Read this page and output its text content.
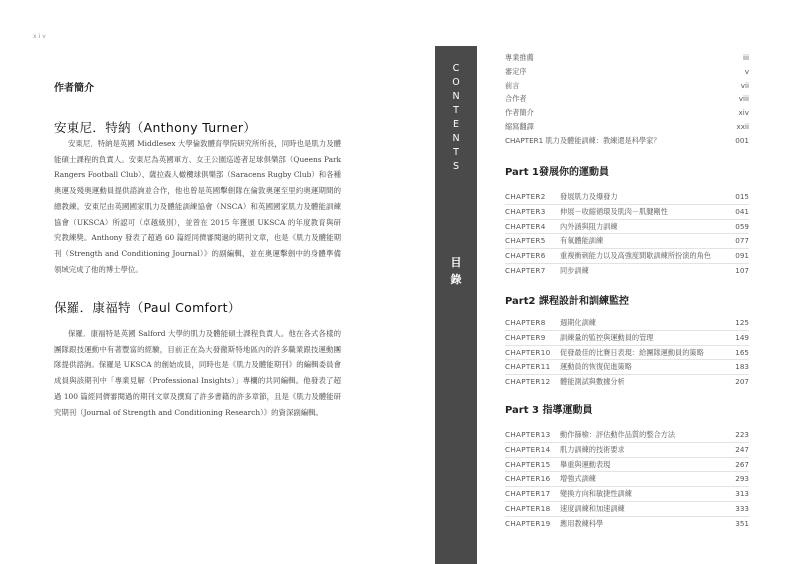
xiv
作者簡介
安東尼．特納（Anthony Turner）

安東尼．特納是英國 Middlesex 大學倫敦體育學院研究所所長，同時也是肌力及體能碩士課程的負責人。安東尼為英國軍方、女王公園巡遊者足球俱樂部（Queens Park Rangers Football Club）、薩拉森人橄欖球俱樂部（Saracens Rugby Club）和各種奧運及殘奧運動員提供諮詢並合作，他也曾是英國擊劍隊在倫敦奧運至里約奧運期間的總教練。安東尼由英國國家肌力及體能訓練協會（NSCA）和英國國家肌力及體能訓練協會（UKSCA）所認可（卓越級別），並曾在 2015 年獲頒 UKSCA 的年度教育與研究教練獎。Anthony 發表了超過 60 篇經同儕審閱過的期刊文章，也是《肌力及體能期刊（Strength and Conditioning Journal）》的副編輯，並在奧運擊劍中的身體準備領域完成了他的博士學位。

保羅．康福特（Paul Comfort）

保羅．康福特是英國 Salford 大學的肌力及體能碩士課程負責人。他在各式各樣的團隊跟技運動中有著豐富的經驗，目前正在為大發徹斯特地區內的許多職業跟技運動團隊提供諮詢。保羅是 UKSCA 的創始成員，同時也是《肌力及體能期刊》的編輯委員會成員與該期刊中「專業見解（Professional Insights）」專欄的共同編輯。他發表了超過 100 篇經同儕審閱過的期刊文章及撰寫了許多書籍的許多章節，且是《肌力及體能研究期刊（Journal of Strength and Conditioning Research）》的資深副編輯。

C
O
N
T
E
N
T
S
目
錄
專業推薦	iii
審定序	v
前言	vii
合作者	viii
作者簡介	xiv
縮寫翻譯	xxii
CHAPTER1 肌力及體能訓練：教練還是科學家？	001
Part 1發展你的運動員
CHAPTER2 發展肌力及爆發力	015
CHAPTER3 伸展－收縮循環及肌肉－肌腱剛性	041
CHAPTER4 內外涵與阻力訓練	059
CHAPTER5 有氧體能訓練	077
CHAPTER6 重複衝刺能力以及高強度間歇訓練所扮演的角色	091
CHAPTER7 同步訓練	107
Part2 課程設計和訓練監控
CHAPTER8 週期化訓練	125
CHAPTER9 訓練量的監控與運動員的管理	149
CHAPTER10 促發最佳的比賽日表現：給團隊運動員的策略	165
CHAPTER11 運動員的恢復促進策略	183
CHAPTER12 體能測試與數據分析	207
Part 3 指導運動員
CHAPTER13 動作篩檢：評估動作品質的整合方法	223
CHAPTER14 肌力訓練的技術要求	247
CHAPTER15 舉重與運動表現	267
CHAPTER16 增強式訓練	293
CHAPTER17 變換方向和敏捷性訓練	313
CHAPTER18 速度訓練和加速訓練	333
CHAPTER19 應用教練科學	351
